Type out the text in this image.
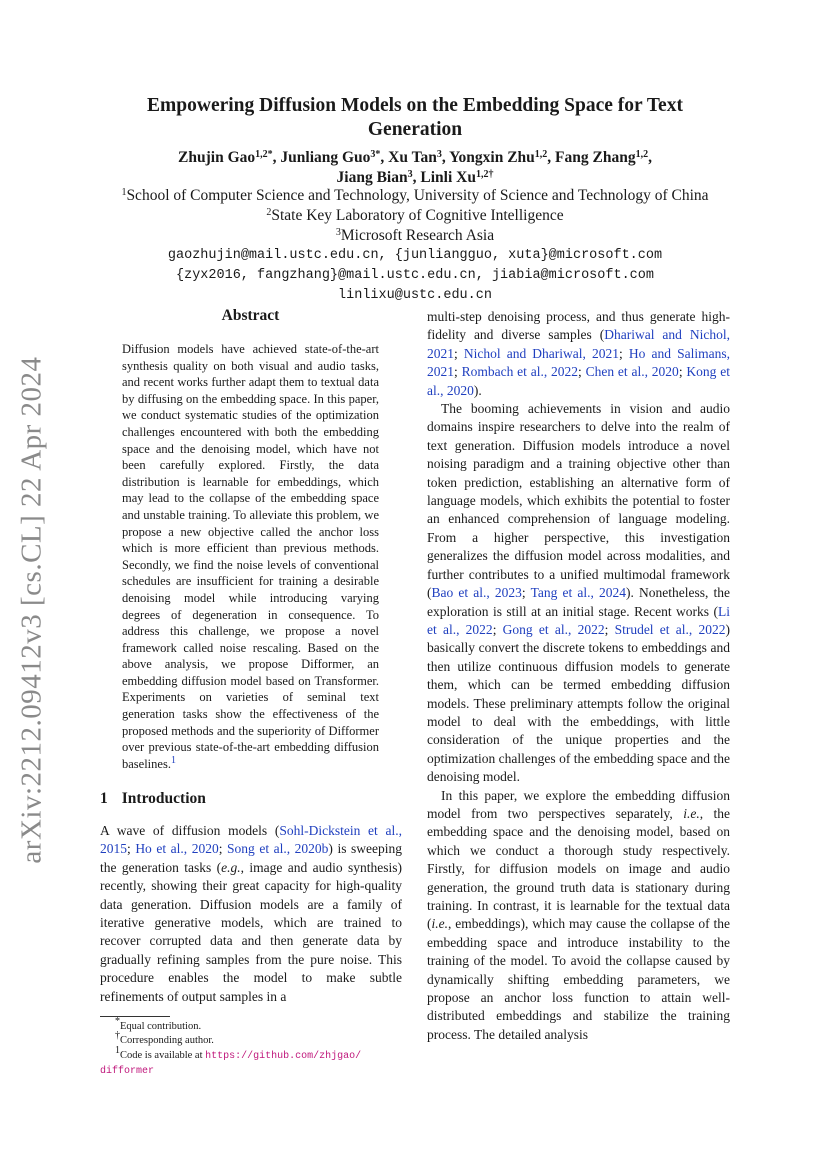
arXiv:2212.09412v3 [cs.CL] 22 Apr 2024
Empowering Diffusion Models on the Embedding Space for Text Generation
Zhujin Gao$^{1,2*}$, Junliang Guo$^{3*}$, Xu Tan$^3$, Yongxin Zhu$^{1,2}$, Fang Zhang$^{1,2}$,
Jiang Bian$^3$, Linli $Xu^{1,2\dagger}$
$^1$School of Computer Science and Technology, University of Science and Technology of China
$^2$State Key Laboratory of Cognitive Intelligence
$^3$Microsoft Research Asia
gaozhujin@mail.ustc.edu.cn, {junliangguo, xuta}@microsoft.com
{zyx2016, fangzhang}@mail.ustc.edu.cn, jiabia@microsoft.com
linlixu@ustc.edu.cn
Abstract

Diffusion models have achieved state-of-the-art synthesis quality on both visual and audio tasks, and recent works further adapt them to textual data by diffusing on the embedding space. In this paper, we conduct systematic studies of the optimization challenges encountered with both the embedding space and the denoising model, which have not been carefully explored. Firstly, the data distribution is learnable for embeddings, which may lead to the collapse of the embedding space and unstable training. To alleviate this problem, we propose a new objective called the anchor loss which is more efficient than previous methods. Secondly, we find the noise levels of conventional schedules are insufficient for training a desirable denoising model while introducing varying degrees of degeneration in consequence. To address this challenge, we propose a novel framework called noise rescaling. Based on the above analysis, we propose Difformer, an embedding diffusion model based on Transformer. Experiments on varieties of seminal text generation tasks show the effectiveness of the proposed methods and the superiority of Difformer over previous state-of-the-art embedding diffusion baselines.$^1$

1 Introduction

A wave of diffusion models (Sohl-Dickstein et al., 2015; Ho et al., 2020; Song et al., 2020b) is sweeping the generation tasks (e.g., image and audio synthesis) recently, showing their great capacity for high-quality data generation. Diffusion models are a family of iterative generative models, which are trained to recover corrupted data and then generate data by gradually refining samples from the pure noise. This procedure enables the model to make subtle refinements of output samples in a

multi-step denoising process, and thus generate high-fidelity and diverse samples (Dhariwal and Nichol, 2021; Nichol and Dhariwal, 2021; Ho and Salimans, 2021; Rombach et al., 2022; Chen et al., 2020; Kong et al., 2020).

The booming achievements in vision and audio domains inspire researchers to delve into the realm of text generation. Diffusion models introduce a novel noising paradigm and a training objective other than token prediction, establishing an alternative form of language models, which exhibits the potential to foster an enhanced comprehension of language modeling. From a higher perspective, this investigation generalizes the diffusion model across modalities, and further contributes to a unified multimodal framework (Bao et al., 2023; Tang et al., 2024). Nonetheless, the exploration is still at an initial stage. Recent works (Li et al., 2022; Gong et al., 2022; Strudel et al., 2022) basically convert the discrete tokens to embeddings and then utilize continuous diffusion models to generate them, which can be termed embedding diffusion models. These preliminary attempts follow the original model to deal with the embeddings, with little consideration of the unique properties and the optimization challenges of the embedding space and the denoising model.

In this paper, we explore the embedding diffusion model from two perspectives separately, i.e., the embedding space and the denoising model, based on which we conduct a thorough study respectively. Firstly, for diffusion models on image and audio generation, the ground truth data is stationary during training. In contrast, it is learnable for the textual data (i.e., embeddings), which may cause the collapse of the embedding space and introduce instability to the training of the model. To avoid the collapse caused by dynamically shifting embedding parameters, we propose an anchor loss function to attain well-distributed embeddings and stabilize the training process. The detailed analysis

*Equal contribution.

†Corresponding author.

$^1$Code is available at https://github.com/zhjgao/

difformer
